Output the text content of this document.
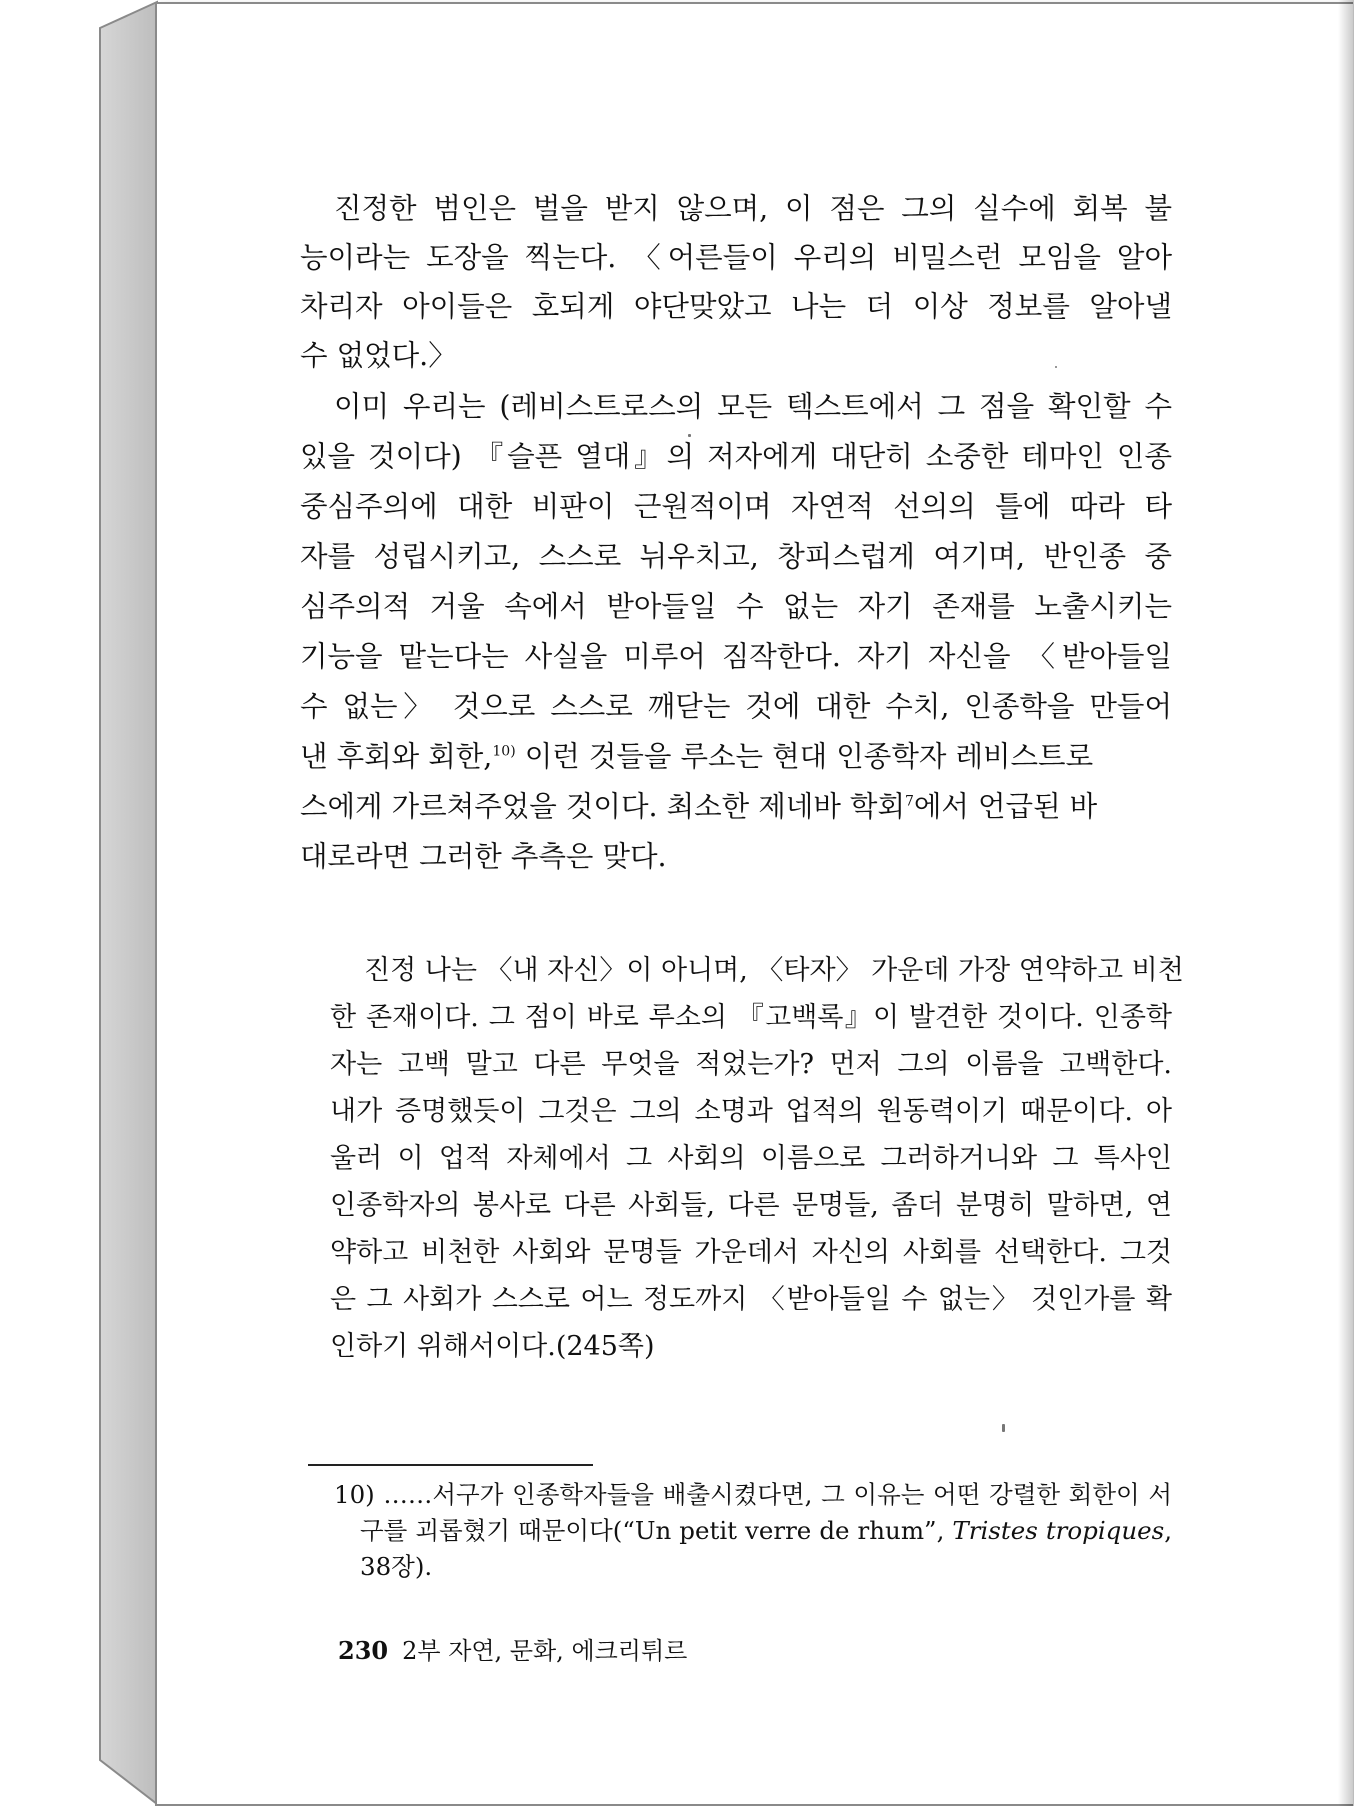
진정한 범인은 벌을 받지 않으며, 이 점은 그의 실수에 회복 불
능이라는 도장을 찍는다. 〈어른들이 우리의 비밀스런 모임을 알아
차리자 아이들은 호되게 야단맞았고 나는 더 이상 정보를 알아낼
수 없었다.〉
이미 우리는 (레비스트로스의 모든 텍스트에서 그 점을 확인할 수
있을 것이다) 『슬픈 열대』의 저자에게 대단히 소중한 테마인 인종
중심주의에 대한 비판이 근원적이며 자연적 선의의 틀에 따라 타
자를 성립시키고, 스스로 뉘우치고, 창피스럽게 여기며, 반인종 중
심주의적 거울 속에서 받아들일 수 없는 자기 존재를 노출시키는
기능을 맡는다는 사실을 미루어 짐작한다. 자기 자신을 〈받아들일
수 없는〉 것으로 스스로 깨닫는 것에 대한 수치, 인종학을 만들어
낸 후회와 회한,$^{10)}$ 이런 것들을 루소는 현대 인종학자 레비스트로
스에게 가르쳐주었을 것이다. 최소한 제네바 학회$^7$에서 언급된 바
대로라면 그러한 추측은 맞다.
진정 나는 〈내 자신〉이 아니며, 〈타자〉 가운데 가장 연약하고 비천
한 존재이다. 그 점이 바로 루소의 『고백록』이 발견한 것이다. 인종학
자는 고백 말고 다른 무엇을 적었는가? 먼저 그의 이름을 고백한다.
내가 증명했듯이 그것은 그의 소명과 업적의 원동력이기 때문이다. 아
울러 이 업적 자체에서 그 사회의 이름으로 그러하거니와 그 특사인
인종학자의 봉사로 다른 사회들, 다른 문명들, 좀더 분명히 말하면, 연
약하고 비천한 사회와 문명들 가운데서 자신의 사회를 선택한다. 그것
은 그 사회가 스스로 어느 정도까지 〈받아들일 수 없는〉 것인가를 확
인하기 위해서이다.(245쪽)
10) ……서구가 인종학자들을 배출시켰다면, 그 이유는 어떤 강렬한 회한이 서
구를 괴롭혔기 때문이다(“Un petit verre de rhum”, Tristes tropiques,
38장).
230 2부 자연, 문화, 에크리튀르
